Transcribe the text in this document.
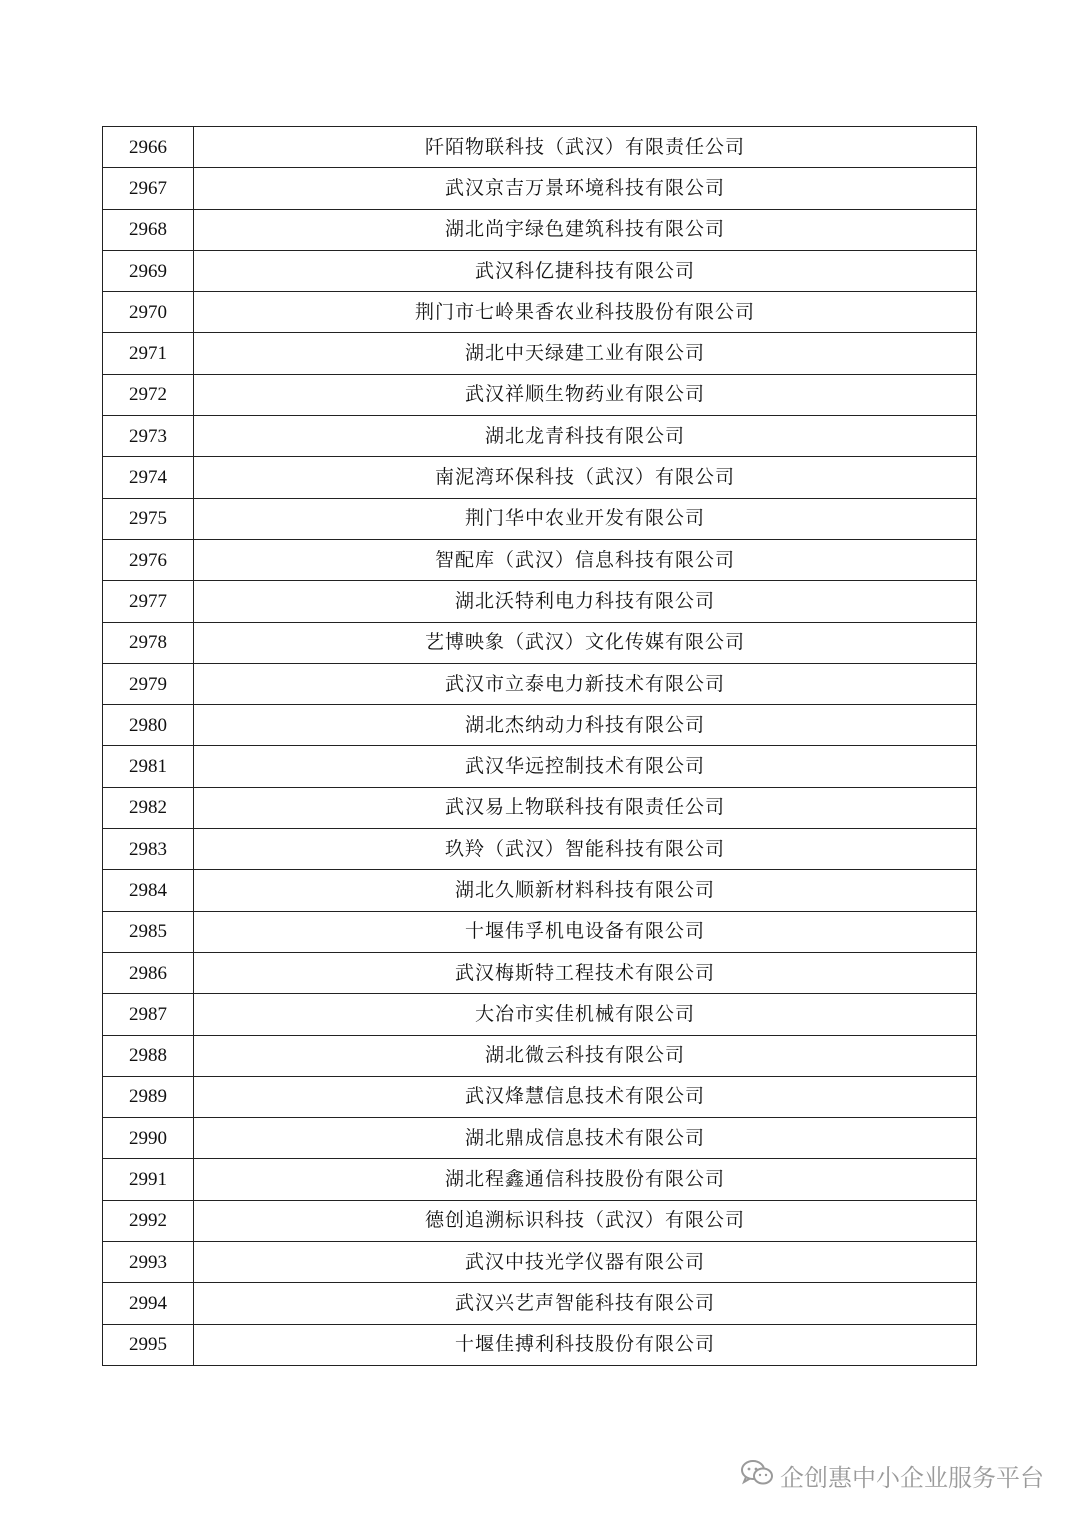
2966	阡陌物联科技（武汉）有限责任公司
2967	武汉京吉万景环境科技有限公司
2968	湖北尚宇绿色建筑科技有限公司
2969	武汉科亿捷科技有限公司
2970	荆门市七岭果香农业科技股份有限公司
2971	湖北中天绿建工业有限公司
2972	武汉祥顺生物药业有限公司
2973	湖北龙青科技有限公司
2974	南泥湾环保科技（武汉）有限公司
2975	荆门华中农业开发有限公司
2976	智配库（武汉）信息科技有限公司
2977	湖北沃特利电力科技有限公司
2978	艺博映象（武汉）文化传媒有限公司
2979	武汉市立泰电力新技术有限公司
2980	湖北杰纳动力科技有限公司
2981	武汉华远控制技术有限公司
2982	武汉易上物联科技有限责任公司
2983	玖羚（武汉）智能科技有限公司
2984	湖北久顺新材料科技有限公司
2985	十堰伟孚机电设备有限公司
2986	武汉梅斯特工程技术有限公司
2987	大冶市实佳机械有限公司
2988	湖北微云科技有限公司
2989	武汉烽慧信息技术有限公司
2990	湖北鼎成信息技术有限公司
2991	湖北程鑫通信科技股份有限公司
2992	德创追溯标识科技（武汉）有限公司
2993	武汉中技光学仪器有限公司
2994	武汉兴艺声智能科技有限公司
2995	十堰佳搏利科技股份有限公司
企创惠中小企业服务平台
